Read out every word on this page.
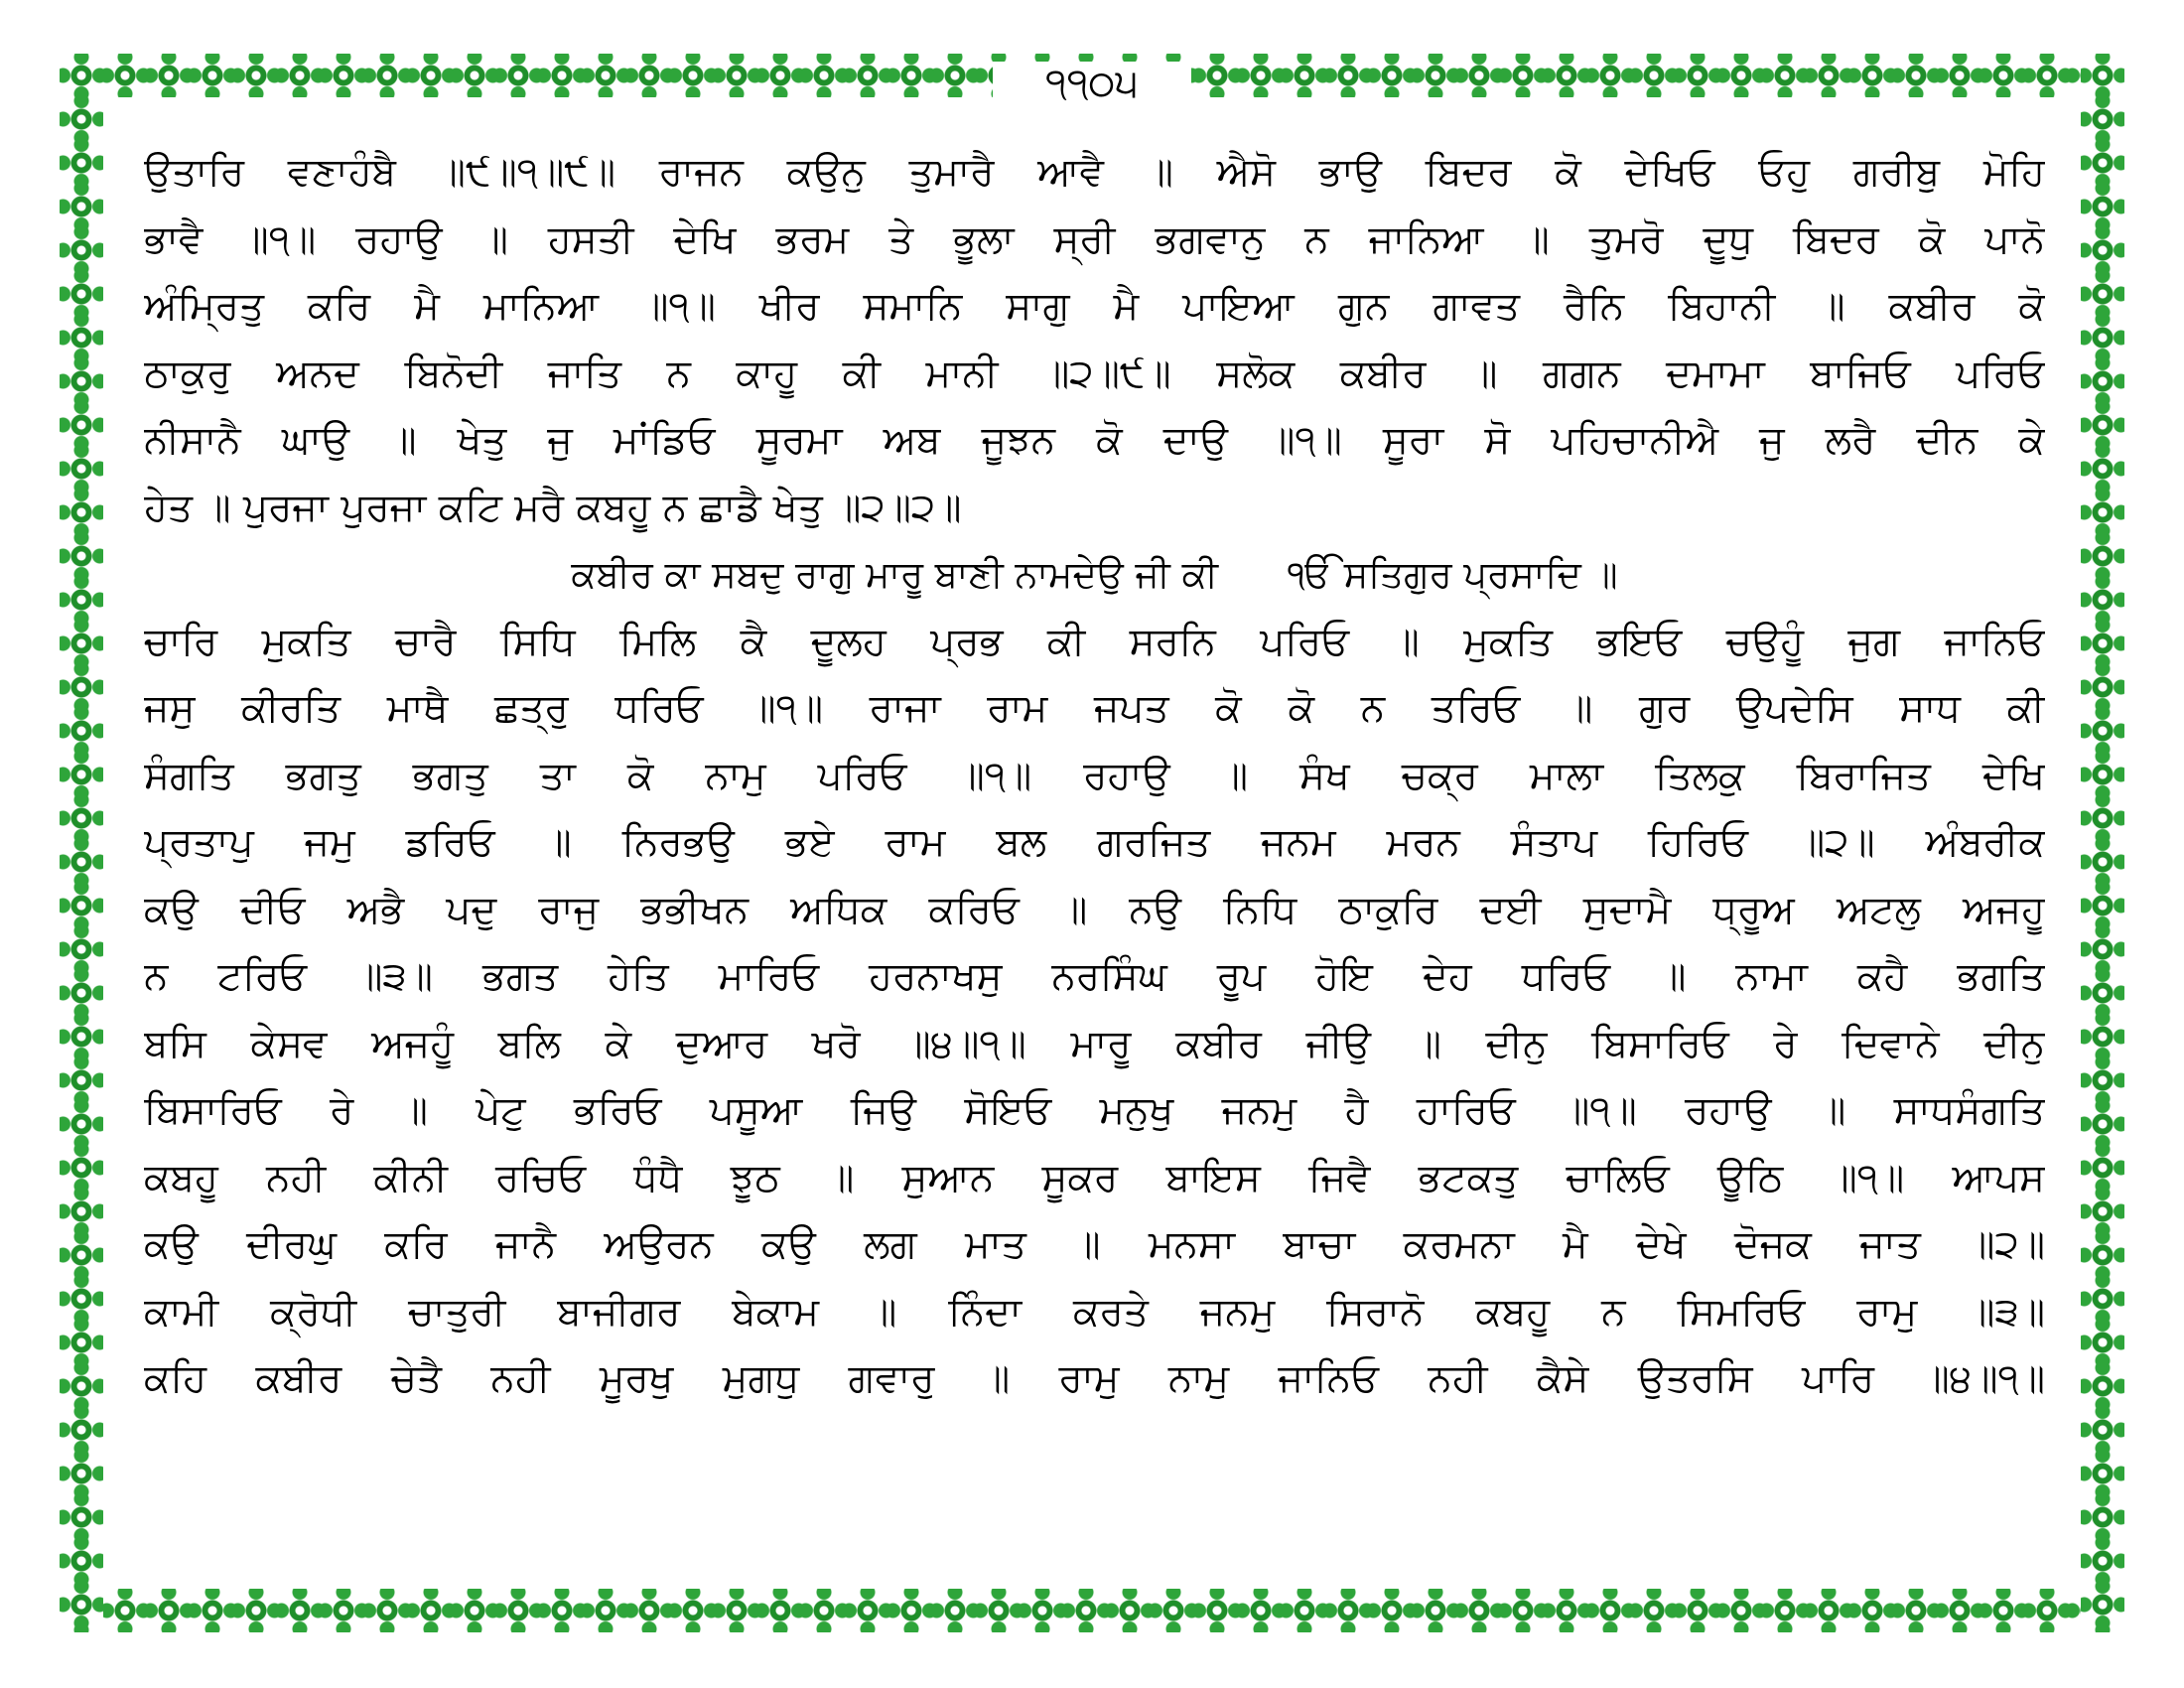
੧੧੦੫
ਉਤਾਰਿ ਵਣਾਹੰਬੈ ॥੯॥੧॥੯॥ ਰਾਜਨ ਕਉਨੁ ਤੁਮਾਰੈ ਆਵੈ ॥ ਐਸੋ ਭਾਉ ਬਿਦਰ ਕੋ ਦੇਖਿਓ ਓਹੁ ਗਰੀਬੁ ਮੋਹਿ
ਭਾਵੈ ॥੧॥ ਰਹਾਉ ॥ ਹਸਤੀ ਦੇਖਿ ਭਰਮ ਤੇ ਭੂਲਾ ਸ੍ਰੀ ਭਗਵਾਨੁ ਨ ਜਾਨਿਆ ॥ ਤੁਮਰੋ ਦੂਧੁ ਬਿਦਰ ਕੋ ਪਾਨੋ
ਅੰਮ੍ਰਿਤੁ ਕਰਿ ਮੈ ਮਾਨਿਆ ॥੧॥ ਖੀਰ ਸਮਾਨਿ ਸਾਗੁ ਮੈ ਪਾਇਆ ਗੁਨ ਗਾਵਤ ਰੈਨਿ ਬਿਹਾਨੀ ॥ ਕਬੀਰ ਕੋ
ਠਾਕੁਰੁ ਅਨਦ ਬਿਨੋਦੀ ਜਾਤਿ ਨ ਕਾਹੂ ਕੀ ਮਾਨੀ ॥੨॥੯॥ ਸਲੋਕ ਕਬੀਰ ॥ ਗਗਨ ਦਮਾਮਾ ਬਾਜਿਓ ਪਰਿਓ
ਨੀਸਾਨੈ ਘਾਉ ॥ ਖੇਤੁ ਜੁ ਮਾਂਡਿਓ ਸੂਰਮਾ ਅਬ ਜੂਝਨ ਕੋ ਦਾਉ ॥੧॥ ਸੂਰਾ ਸੋ ਪਹਿਚਾਨੀਐ ਜੁ ਲਰੈ ਦੀਨ ਕੇ
ਹੇਤ ॥ ਪੁਰਜਾ ਪੁਰਜਾ ਕਟਿ ਮਰੈ ਕਬਹੂ ਨ ਛਾਡੈ ਖੇਤੁ ॥੨॥੨॥
ਕਬੀਰ ਕਾ ਸਬਦੁ ਰਾਗੁ ਮਾਰੂ ਬਾਣੀ ਨਾਮਦੇਉ ਜੀ ਕੀ ੴ ਸਤਿਗੁਰ ਪ੍ਰਸਾਦਿ ॥
ਚਾਰਿ ਮੁਕਤਿ ਚਾਰੈ ਸਿਧਿ ਮਿਲਿ ਕੈ ਦੂਲਹ ਪ੍ਰਭ ਕੀ ਸਰਨਿ ਪਰਿਓ ॥ ਮੁਕਤਿ ਭਇਓ ਚਉਹੂੰ ਜੁਗ ਜਾਨਿਓ
ਜਸੁ ਕੀਰਤਿ ਮਾਥੈ ਛਤ੍ਰੁ ਧਰਿਓ ॥੧॥ ਰਾਜਾ ਰਾਮ ਜਪਤ ਕੋ ਕੋ ਨ ਤਰਿਓ ॥ ਗੁਰ ਉਪਦੇਸਿ ਸਾਧ ਕੀ
ਸੰਗਤਿ ਭਗਤੁ ਭਗਤੁ ਤਾ ਕੋ ਨਾਮੁ ਪਰਿਓ ॥੧॥ ਰਹਾਉ ॥ ਸੰਖ ਚਕ੍ਰ ਮਾਲਾ ਤਿਲਕੁ ਬਿਰਾਜਿਤ ਦੇਖਿ
ਪ੍ਰਤਾਪੁ ਜਮੁ ਡਰਿਓ ॥ ਨਿਰਭਉ ਭਏ ਰਾਮ ਬਲ ਗਰਜਿਤ ਜਨਮ ਮਰਨ ਸੰਤਾਪ ਹਿਰਿਓ ॥੨॥ ਅੰਬਰੀਕ
ਕਉ ਦੀਓ ਅਭੈ ਪਦੁ ਰਾਜੁ ਭਭੀਖਨ ਅਧਿਕ ਕਰਿਓ ॥ ਨਉ ਨਿਧਿ ਠਾਕੁਰਿ ਦਈ ਸੁਦਾਮੈ ਧ੍ਰੂਅ ਅਟਲੁ ਅਜਹੂ
ਨ ਟਰਿਓ ॥੩॥ ਭਗਤ ਹੇਤਿ ਮਾਰਿਓ ਹਰਨਾਖਸੁ ਨਰਸਿੰਘ ਰੂਪ ਹੋਇ ਦੇਹ ਧਰਿਓ ॥ ਨਾਮਾ ਕਹੈ ਭਗਤਿ
ਬਸਿ ਕੇਸਵ ਅਜਹੂੰ ਬਲਿ ਕੇ ਦੁਆਰ ਖਰੋ ॥੪॥੧॥ ਮਾਰੂ ਕਬੀਰ ਜੀਉ ॥ ਦੀਨੁ ਬਿਸਾਰਿਓ ਰੇ ਦਿਵਾਨੇ ਦੀਨੁ
ਬਿਸਾਰਿਓ ਰੇ ॥ ਪੇਟੁ ਭਰਿਓ ਪਸੂਆ ਜਿਉ ਸੋਇਓ ਮਨੁਖੁ ਜਨਮੁ ਹੈ ਹਾਰਿਓ ॥੧॥ ਰਹਾਉ ॥ ਸਾਧਸੰਗਤਿ
ਕਬਹੂ ਨਹੀ ਕੀਨੀ ਰਚਿਓ ਧੰਧੈ ਝੂਠ ॥ ਸੁਆਨ ਸੂਕਰ ਬਾਇਸ ਜਿਵੈ ਭਟਕਤੁ ਚਾਲਿਓ ਊਠਿ ॥੧॥ ਆਪਸ
ਕਉ ਦੀਰਘੁ ਕਰਿ ਜਾਨੈ ਅਉਰਨ ਕਉ ਲਗ ਮਾਤ ॥ ਮਨਸਾ ਬਾਚਾ ਕਰਮਨਾ ਮੈ ਦੇਖੇ ਦੋਜਕ ਜਾਤ ॥੨॥
ਕਾਮੀ ਕ੍ਰੋਧੀ ਚਾਤੁਰੀ ਬਾਜੀਗਰ ਬੇਕਾਮ ॥ ਨਿੰਦਾ ਕਰਤੇ ਜਨਮੁ ਸਿਰਾਨੋ ਕਬਹੂ ਨ ਸਿਮਰਿਓ ਰਾਮੁ ॥੩॥
ਕਹਿ ਕਬੀਰ ਚੇਤੈ ਨਹੀ ਮੂਰਖੁ ਮੁਗਧੁ ਗਵਾਰੁ ॥ ਰਾਮੁ ਨਾਮੁ ਜਾਨਿਓ ਨਹੀ ਕੈਸੇ ਉਤਰਸਿ ਪਾਰਿ ॥੪॥੧॥
